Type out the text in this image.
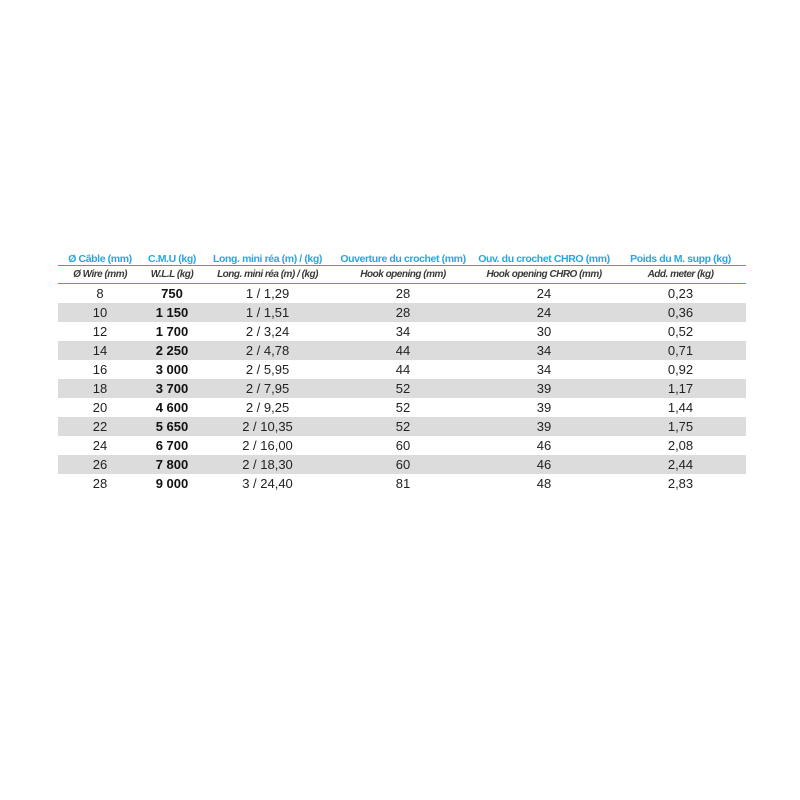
Ø Câble (mm)	C.M.U (kg)	Long. mini réa (m) / (kg)	Ouverture du crochet (mm)	Ouv. du crochet CHRO (mm)	Poids du M. supp (kg)
Ø Wire (mm)	W.L.L (kg)	Long. mini réa (m) / (kg)	Hook opening (mm)	Hook opening CHRO (mm)	Add. meter (kg)
8	750	1 / 1,29	28	24	0,23
10	1 150	1 / 1,51	28	24	0,36
12	1 700	2 / 3,24	34	30	0,52
14	2 250	2 / 4,78	44	34	0,71
16	3 000	2 / 5,95	44	34	0,92
18	3 700	2 / 7,95	52	39	1,17
20	4 600	2 / 9,25	52	39	1,44
22	5 650	2 / 10,35	52	39	1,75
24	6 700	2 / 16,00	60	46	2,08
26	7 800	2 / 18,30	60	46	2,44
28	9 000	3 / 24,40	81	48	2,83
